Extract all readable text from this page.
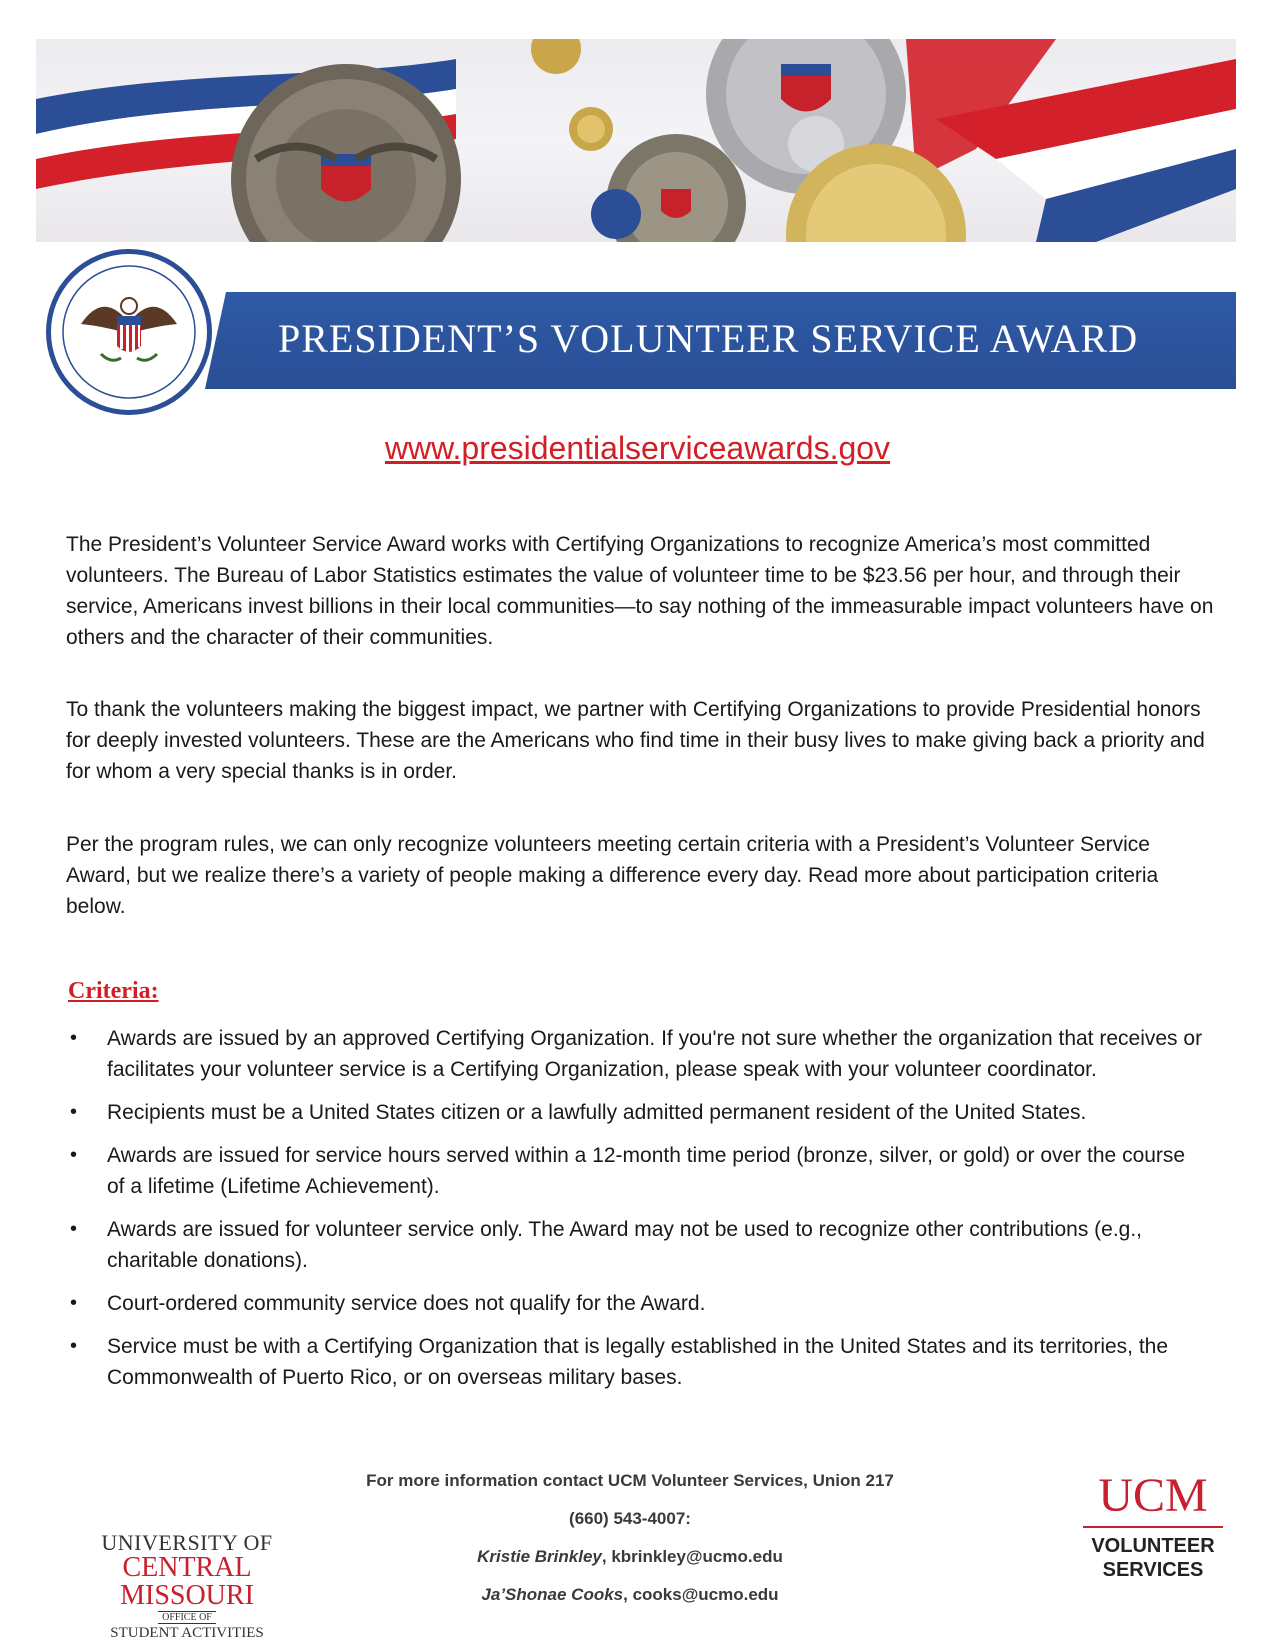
PRESIDENT’S VOLUNTEER SERVICE AWARD
www.presidentialserviceawards.gov

The President’s Volunteer Service Award works with Certifying Organizations to recognize America’s most committed volunteers. The Bureau of Labor Statistics estimates the value of volunteer time to be $23.56 per hour, and through their service, Americans invest billions in their local communities—to say nothing of the immeasurable impact volunteers have on others and the character of their communities.

To thank the volunteers making the biggest impact, we partner with Certifying Organizations to provide Presidential honors for deeply invested volunteers. These are the Americans who find time in their busy lives to make giving back a priority and for whom a very special thanks is in order.

Per the program rules, we can only recognize volunteers meeting certain criteria with a President’s Volunteer Service Award, but we realize there’s a variety of people making a difference every day. Read more about participation criteria below.

Criteria:
• Awards are issued by an approved Certifying Organization. If you're not sure whether the organization that receives or facilitates your volunteer service is a Certifying Organization, please speak with your volunteer coordinator.
• Recipients must be a United States citizen or a lawfully admitted permanent resident of the United States.
• Awards are issued for service hours served within a 12-month time period (bronze, silver, or gold) or over the course of a lifetime (Lifetime Achievement).
• Awards are issued for volunteer service only. The Award may not be used to recognize other contributions (e.g., charitable donations).
• Court-ordered community service does not qualify for the Award.
• Service must be with a Certifying Organization that is legally established in the United States and its territories, the Commonwealth of Puerto Rico, or on overseas military bases.
For more information contact UCM Volunteer Services, Union 217
(660) 543-4007:
Kristie Brinkley, kbrinkley@ucmo.edu
Ja’Shonae Cooks, cooks@ucmo.edu
UNIVERSITY OF
CENTRAL MISSOURI
OFFICE OF
STUDENT ACTIVITIES
UCM
VOLUNTEER
SERVICES
